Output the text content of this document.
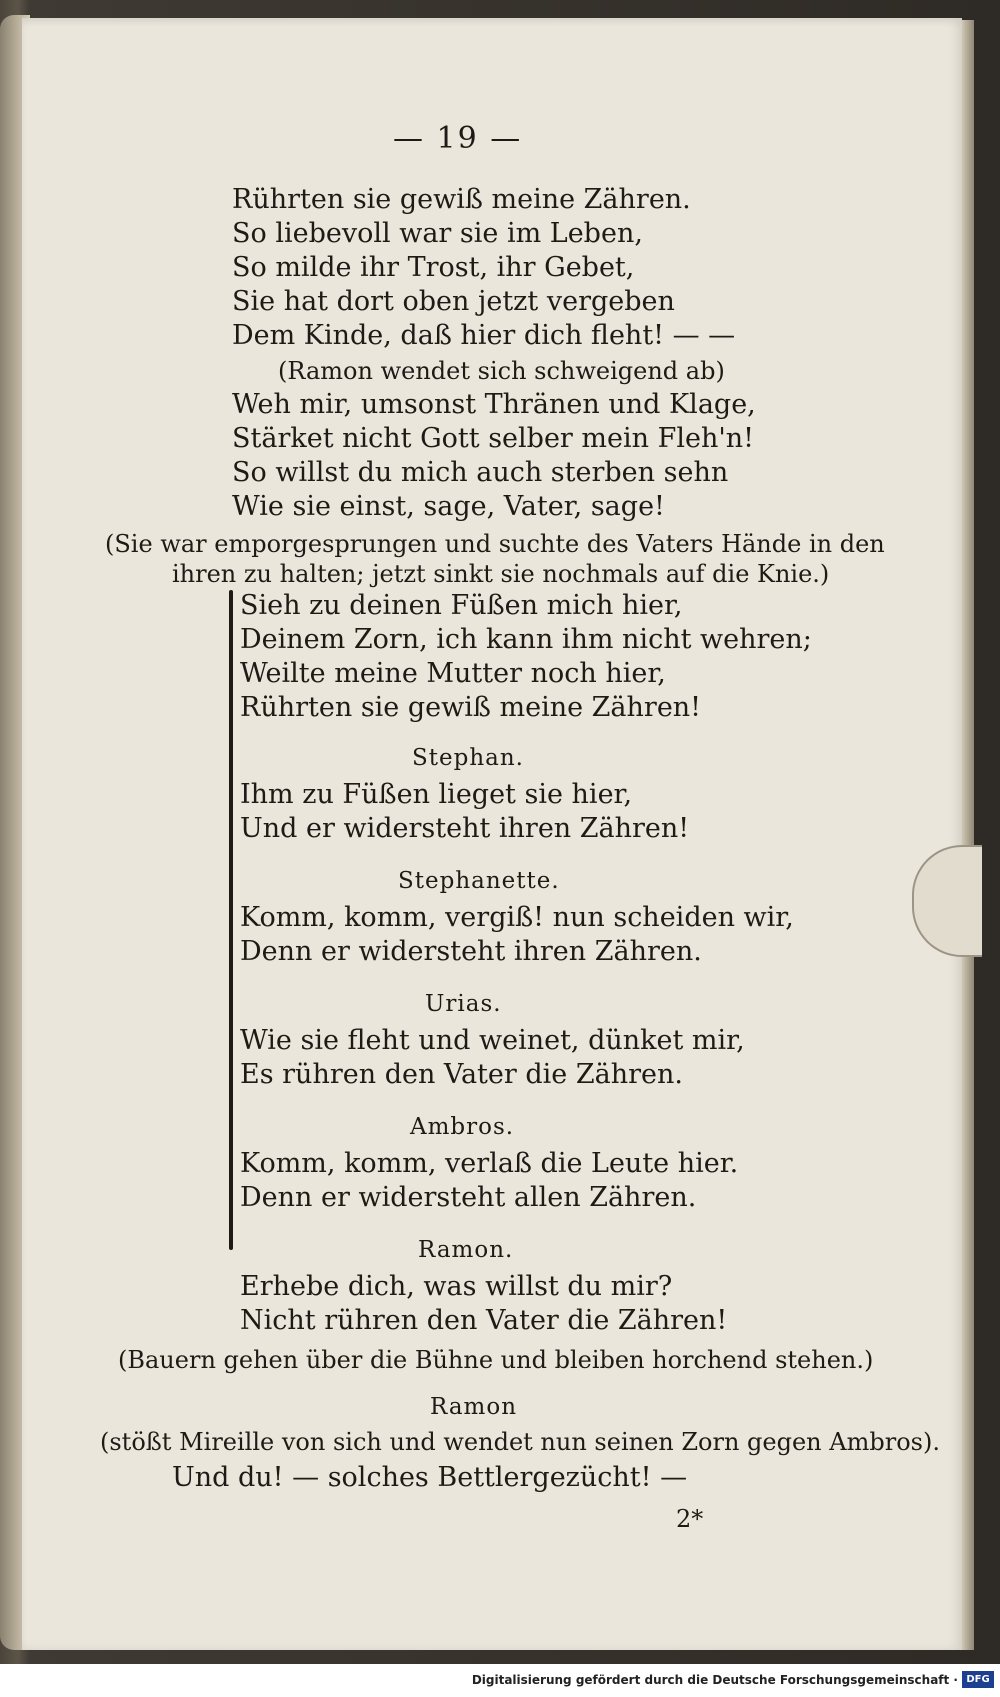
— 19 —
Rührten sie gewiß meine Zähren.
So liebevoll war sie im Leben,
So milde ihr Trost, ihr Gebet,
Sie hat dort oben jetzt vergeben
Dem Kinde, daß hier dich fleht! — —
(Ramon wendet sich schweigend ab)
Weh mir, umsonst Thränen und Klage,
Stärket nicht Gott selber mein Fleh'n!
So willst du mich auch sterben sehn
Wie sie einst, sage, Vater, sage!
(Sie war emporgesprungen und suchte des Vaters Hände in den
ihren zu halten; jetzt sinkt sie nochmals auf die Knie.)
Sieh zu deinen Füßen mich hier,
Deinem Zorn, ich kann ihm nicht wehren;
Weilte meine Mutter noch hier,
Rührten sie gewiß meine Zähren!
Stephan.
Ihm zu Füßen lieget sie hier,
Und er widersteht ihren Zähren!
Stephanette.
Komm, komm, vergiß! nun scheiden wir,
Denn er widersteht ihren Zähren.
Urias.
Wie sie fleht und weinet, dünket mir,
Es rühren den Vater die Zähren.
Ambros.
Komm, komm, verlaß die Leute hier.
Denn er widersteht allen Zähren.
Ramon.
Erhebe dich, was willst du mir?
Nicht rühren den Vater die Zähren!
(Bauern gehen über die Bühne und bleiben horchend stehen.)
Ramon
(stößt Mireille von sich und wendet nun seinen Zorn gegen Ambros).
Und du! — solches Bettlergezücht! —
2*
Digitalisierung gefördert durch die Deutsche Forschungsgemeinschaft · DFG
